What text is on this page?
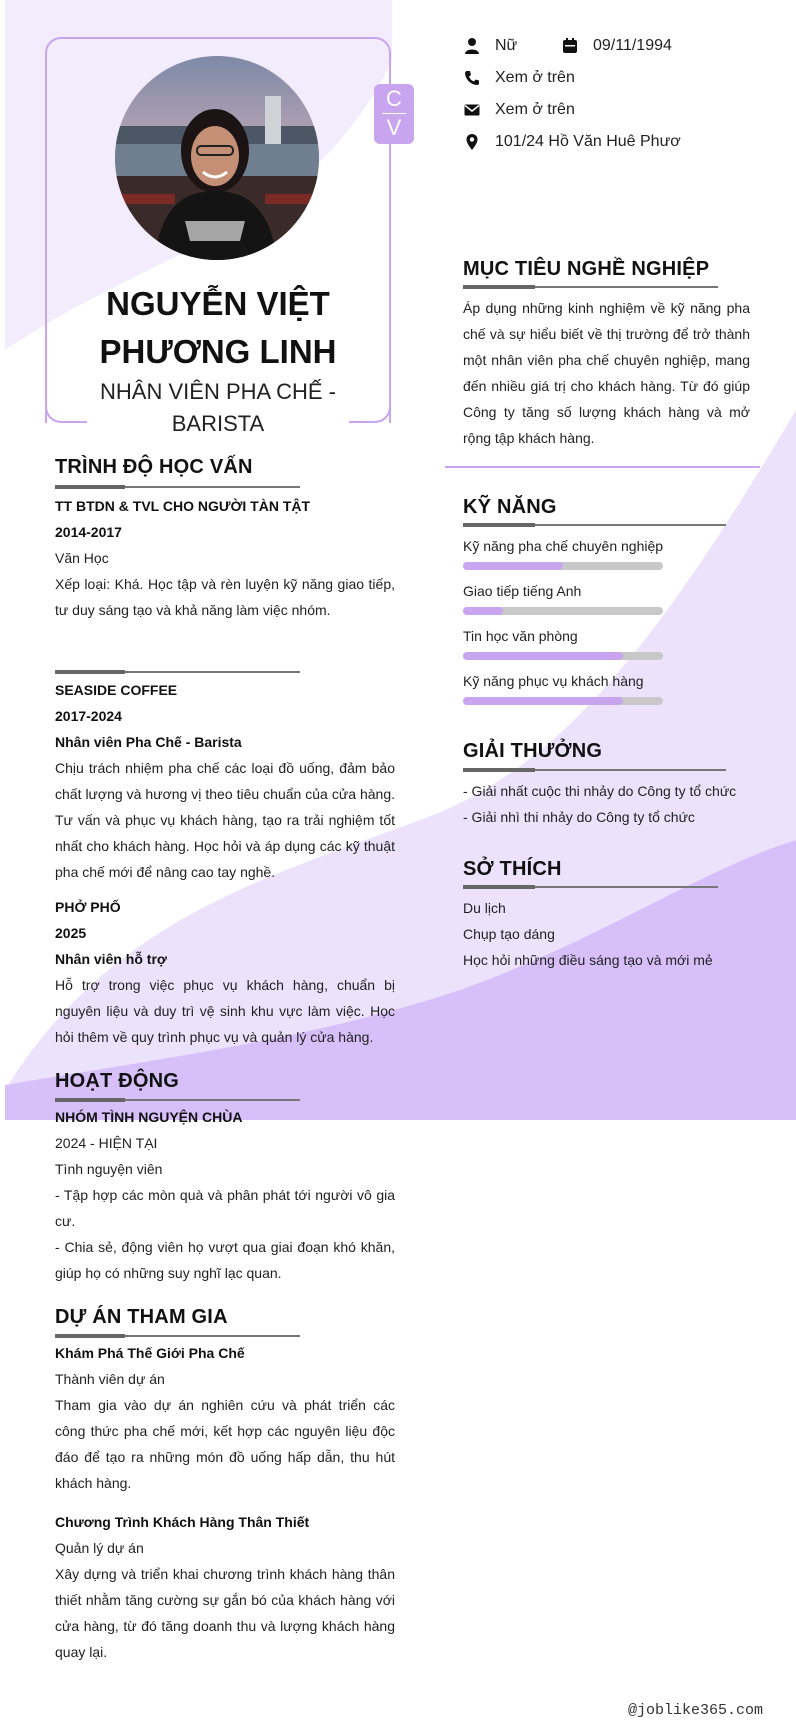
C
V
NGUYỄN VIỆT PHƯƠNG LINH
NHÂN VIÊN PHA CHẾ - BARISTA
Nữ	09/11/1994
Xem ở trên
Xem ở trên
101/24 Hồ Văn Huê Phươ
TRÌNH ĐỘ HỌC VẤN
TT BTDN & TVL CHO NGƯỜI TÀN TẬT
2014-2017
Văn Học
Xếp loại: Khá. Học tập và rèn luyện kỹ năng giao tiếp, tư duy sáng tạo và khả năng làm việc nhóm.
SEASIDE COFFEE
2017-2024
Nhân viên Pha Chế - Barista
Chịu trách nhiệm pha chế các loại đồ uống, đảm bảo chất lượng và hương vị theo tiêu chuẩn của cửa hàng. Tư vấn và phục vụ khách hàng, tạo ra trải nghiệm tốt nhất cho khách hàng. Học hỏi và áp dụng các kỹ thuật pha chế mới để nâng cao tay nghề.
PHỞ PHỐ
2025
Nhân viên hỗ trợ
Hỗ trợ trong việc phục vụ khách hàng, chuẩn bị nguyên liệu và duy trì vệ sinh khu vực làm việc. Học hỏi thêm về quy trình phục vụ và quản lý cửa hàng.
HOẠT ĐỘNG
NHÓM TÌNH NGUYỆN CHÙA
2024 - HIỆN TẠI
Tình nguyện viên
- Tập hợp các mòn quà và phân phát tới người vô gia cư.
- Chia sẻ, động viên họ vượt qua giai đoạn khó khăn, giúp họ có những suy nghĩ lạc quan.
DỰ ÁN THAM GIA
Khám Phá Thế Giới Pha Chế
Thành viên dự án
Tham gia vào dự án nghiên cứu và phát triển các công thức pha chế mới, kết hợp các nguyên liệu độc đáo để tạo ra những món đồ uống hấp dẫn, thu hút khách hàng.
Chương Trình Khách Hàng Thân Thiết
Quản lý dự án
Xây dựng và triển khai chương trình khách hàng thân thiết nhằm tăng cường sự gắn bó của khách hàng với cửa hàng, từ đó tăng doanh thu và lượng khách hàng quay lại.
MỤC TIÊU NGHỀ NGHIỆP
Áp dụng những kinh nghiệm về kỹ năng pha chế và sự hiểu biết về thị trường để trở thành một nhân viên pha chế chuyên nghiệp, mang đến nhiều giá trị cho khách hàng. Từ đó giúp Công ty tăng số lượng khách hàng và mở rộng tập khách hàng.
KỸ NĂNG
Kỹ năng pha chế chuyên nghiệp
Giao tiếp tiếng Anh
Tin học văn phòng
Kỹ năng phục vụ khách hàng
GIẢI THƯỞNG
- Giải nhất cuộc thi nhảy do Công ty tổ chức
- Giải nhì thi nhảy do Công ty tổ chức
SỞ THÍCH
Du lịch
Chụp tạo dáng
Học hỏi những điều sáng tạo và mới mẻ
@joblike365.com
